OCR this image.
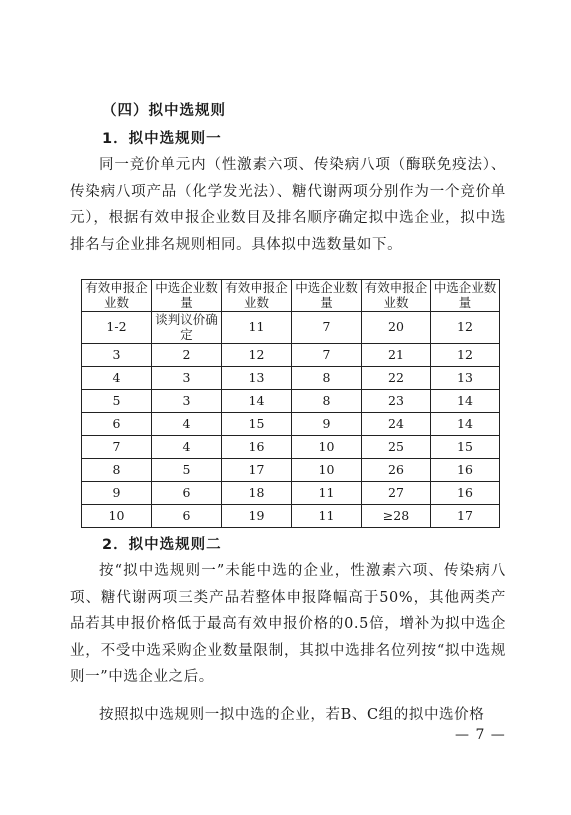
（四）拟中选规则
1．拟中选规则一

同一竞价单元内（性激素六项、传染病八项（酶联免疫法）、传染病八项产品（化学发光法）、糖代谢两项分别作为一个竞价单元），根据有效申报企业数目及排名顺序确定拟中选企业，拟中选排名与企业排名规则相同。具体拟中选数量如下。

有效申报企业数	中选企业数量	有效申报企业数	中选企业数量	有效申报企业数	中选企业数量
1-2	谈判议价确定	11	7	20	12
3	2	12	7	21	12
4	3	13	8	22	13
5	3	14	8	23	14
6	4	15	9	24	14
7	4	16	10	25	15
8	5	17	10	26	16
9	6	18	11	27	16
10	6	19	11	≥28	17
2．拟中选规则二

按“拟中选规则一”未能中选的企业，性激素六项、传染病八项、糖代谢两项三类产品若整体申报降幅高于50%，其他两类产品若其申报价格低于最高有效申报价格的0.5倍，增补为拟中选企业，不受中选采购企业数量限制，其拟中选排名位列按“拟中选规则一”中选企业之后。

按照拟中选规则一拟中选的企业，若B、C组的拟中选价格

— 7 —
